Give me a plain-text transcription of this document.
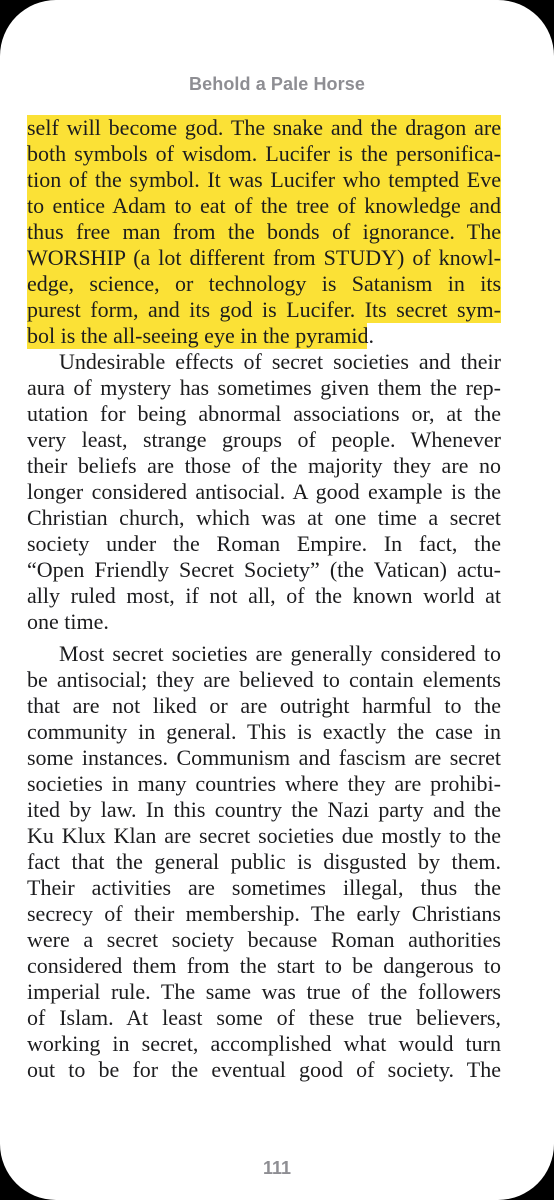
Behold a Pale Horse
self will become god. The snake and the dragon are
both symbols of wisdom. Lucifer is the personifica-
tion of the symbol. It was Lucifer who tempted Eve
to entice Adam to eat of the tree of knowledge and
thus free man from the bonds of ignorance. The
WORSHIP (a lot different from STUDY) of knowl-
edge, science, or technology is Satanism in its
purest form, and its god is Lucifer. Its secret sym-
bol is the all-seeing eye in the pyramid.
Undesirable effects of secret societies and their
aura of mystery has sometimes given them the rep-
utation for being abnormal associations or, at the
very least, strange groups of people. Whenever
their beliefs are those of the majority they are no
longer considered antisocial. A good example is the
Christian church, which was at one time a secret
society under the Roman Empire. In fact, the
“Open Friendly Secret Society” (the Vatican) actu-
ally ruled most, if not all, of the known world at
one time.
Most secret societies are generally considered to
be antisocial; they are believed to contain elements
that are not liked or are outright harmful to the
community in general. This is exactly the case in
some instances. Communism and fascism are secret
societies in many countries where they are prohibi-
ited by law. In this country the Nazi party and the
Ku Klux Klan are secret societies due mostly to the
fact that the general public is disgusted by them.
Their activities are sometimes illegal, thus the
secrecy of their membership. The early Christians
were a secret society because Roman authorities
considered them from the start to be dangerous to
imperial rule. The same was true of the followers
of Islam. At least some of these true believers,
working in secret, accomplished what would turn
out to be for the eventual good of society. The
111
